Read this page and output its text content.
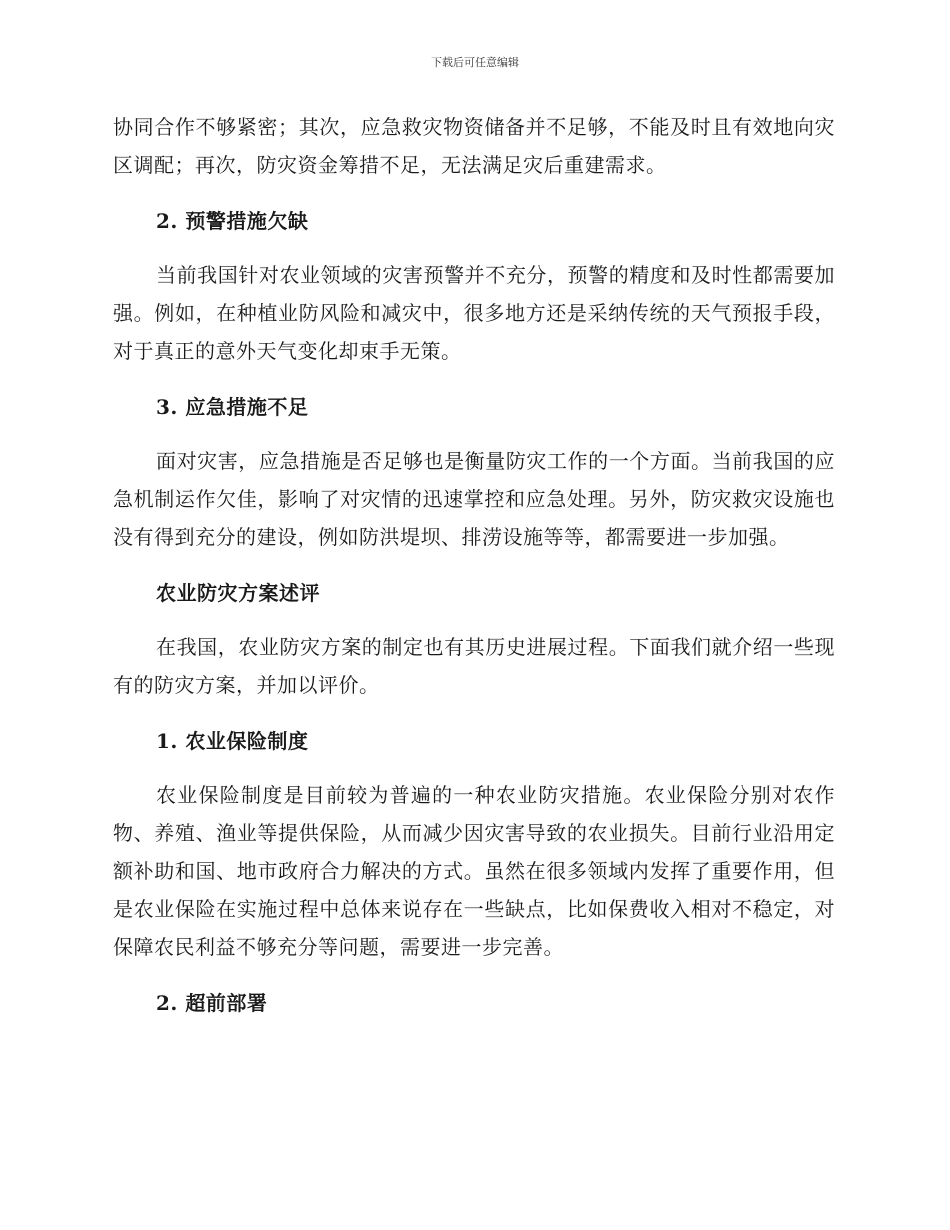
下载后可任意编辑

协同合作不够紧密；其次，应急救灾物资储备并不足够，不能及时且有效地向灾区调配；再次，防灾资金筹措不足，无法满足灾后重建需求。

2. 预警措施欠缺

当前我国针对农业领域的灾害预警并不充分，预警的精度和及时性都需要加强。例如，在种植业防风险和减灾中，很多地方还是采纳传统的天气预报手段，对于真正的意外天气变化却束手无策。

3. 应急措施不足

面对灾害，应急措施是否足够也是衡量防灾工作的一个方面。当前我国的应急机制运作欠佳，影响了对灾情的迅速掌控和应急处理。另外，防灾救灾设施也没有得到充分的建设，例如防洪堤坝、排涝设施等等，都需要进一步加强。

农业防灾方案述评

在我国，农业防灾方案的制定也有其历史进展过程。下面我们就介绍一些现有的防灾方案，并加以评价。

1. 农业保险制度

农业保险制度是目前较为普遍的一种农业防灾措施。农业保险分别对农作物、养殖、渔业等提供保险，从而减少因灾害导致的农业损失。目前行业沿用定额补助和国、地市政府合力解决的方式。虽然在很多领域内发挥了重要作用，但是农业保险在实施过程中总体来说存在一些缺点，比如保费收入相对不稳定，对保障农民利益不够充分等问题，需要进一步完善。

2. 超前部署
